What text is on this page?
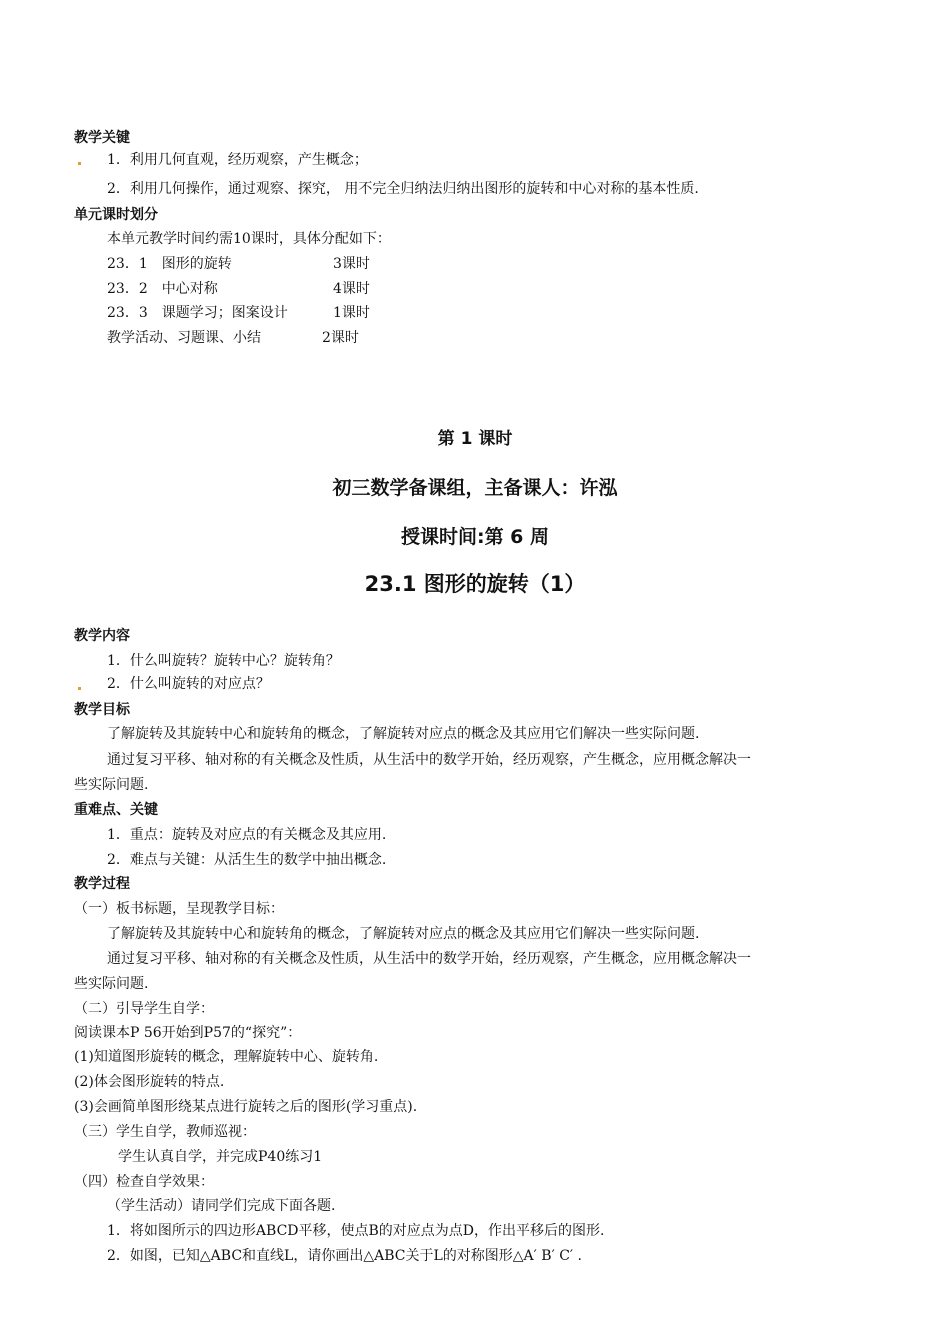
教学关键
1．利用几何直观，经历观察，产生概念；
2．利用几何操作，通过观察、探究， 用不完全归纳法归纳出图形的旋转和中心对称的基本性质.
单元课时划分
本单元教学时间约需10课时，具体分配如下：
23．1　图形的旋转	3课时
23．2　中心对称	4课时
23．3　课题学习；图案设计	1课时
教学活动、习题课、小结	2课时
第 1 课时
初三数学备课组，主备课人：许泓
授课时间:第 6 周
23.1 图形的旋转（1）
教学内容
1．什么叫旋转？旋转中心？旋转角？
2．什么叫旋转的对应点？
教学目标
了解旋转及其旋转中心和旋转角的概念，了解旋转对应点的概念及其应用它们解决一些实际问题.
通过复习平移、轴对称的有关概念及性质，从生活中的数学开始，经历观察，产生概念，应用概念解决一
些实际问题.
重难点、关键
1．重点：旋转及对应点的有关概念及其应用.
2．难点与关键：从活生生的数学中抽出概念.
教学过程
（一）板书标题，呈现教学目标：
了解旋转及其旋转中心和旋转角的概念，了解旋转对应点的概念及其应用它们解决一些实际问题.
通过复习平移、轴对称的有关概念及性质，从生活中的数学开始，经历观察，产生概念，应用概念解决一
些实际问题.
（二）引导学生自学：
阅读课本P 56开始到P57的“探究”：
(1)知道图形旋转的概念，理解旋转中心、旋转角.
(2)体会图形旋转的特点.
(3)会画简单图形绕某点进行旋转之后的图形(学习重点).
（三）学生自学，教师巡视：
学生认真自学，并完成P40练习1
（四）检查自学效果：
（学生活动）请同学们完成下面各题.
1．将如图所示的四边形ABCD平移，使点B的对应点为点D，作出平移后的图形.
2．如图，已知△ABC和直线L，请你画出△ABC关于L的对称图形△A′ B′ C′ .
